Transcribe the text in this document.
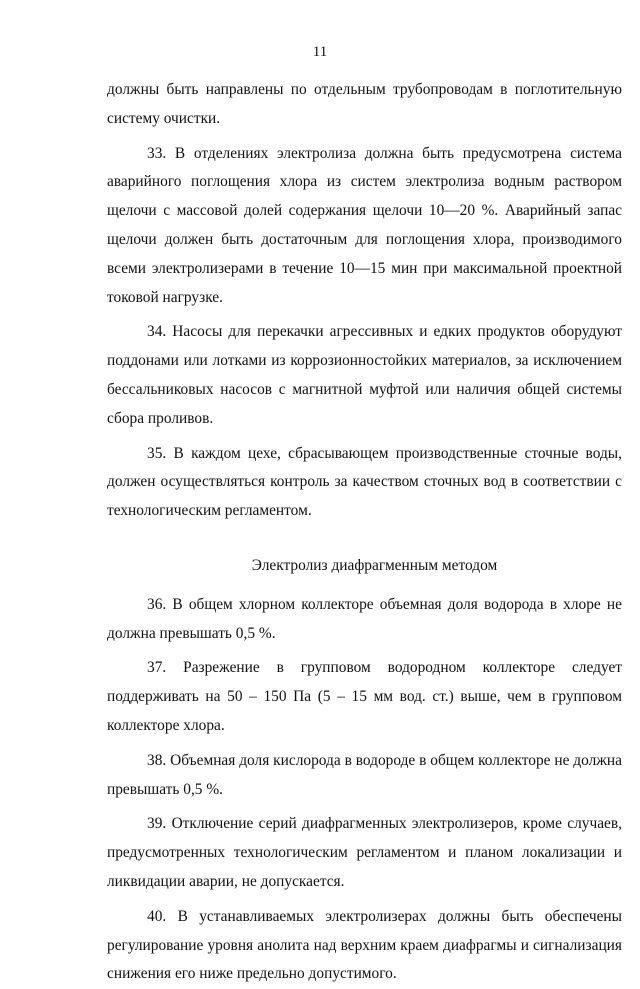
11

должны быть направлены по отдельным трубопроводам в поглотительную систему очистки.

33. В отделениях электролиза должна быть предусмотрена система аварийного поглощения хлора из систем электролиза водным раствором щелочи с массовой долей содержания щелочи 10—20 %. Аварийный запас щелочи должен быть достаточным для поглощения хлора, производимого всеми электролизерами в течение 10—15 мин при максимальной проектной токовой нагрузке.

34. Насосы для перекачки агрессивных и едких продуктов оборудуют поддонами или лотками из коррозионностойких материалов, за исключением бессальниковых насосов с магнитной муфтой или наличия общей системы сбора проливов.

35. В каждом цехе, сбрасывающем производственные сточные воды, должен осуществляться контроль за качеством сточных вод в соответствии с технологическим регламентом.

Электролиз диафрагменным методом

36. В общем хлорном коллекторе объемная доля водорода в хлоре не должна превышать 0,5 %.

37. Разрежение в групповом водородном коллекторе следует поддерживать на 50 – 150 Па (5 – 15 мм вод. ст.) выше, чем в групповом коллекторе хлора.

38. Объемная доля кислорода в водороде в общем коллекторе не должна превышать 0,5 %.

39. Отключение серий диафрагменных электролизеров, кроме случаев, предусмотренных технологическим регламентом и планом локализации и ликвидации аварии, не допускается.

40. В устанавливаемых электролизерах должны быть обеспечены регулирование уровня анолита над верхним краем диафрагмы и сигнализация снижения его ниже предельно допустимого.
